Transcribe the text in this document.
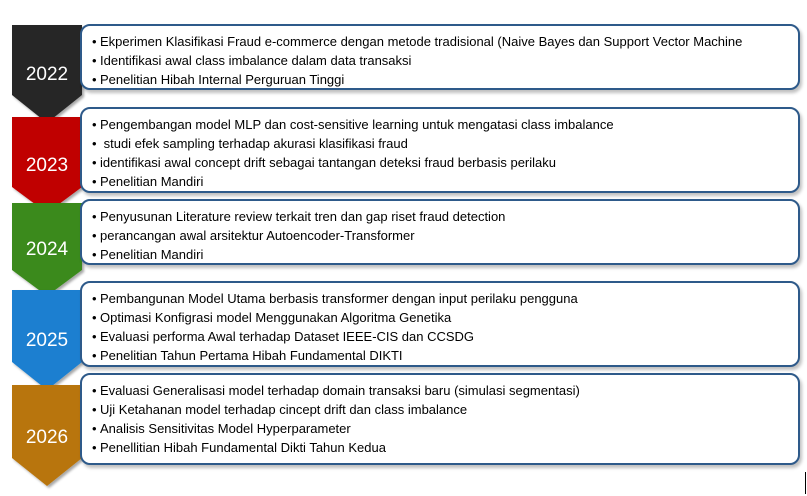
2022
2023
2024
2025
2026
• Ekperimen Klasifikasi Fraud e-commerce dengan metode tradisional (Naive Bayes dan Support Vector Machine
• Identifikasi awal class imbalance dalam data transaksi
• Penelitian Hibah Internal Perguruan Tinggi
• Pengembangan model MLP dan cost-sensitive learning untuk mengatasi class imbalance
• studi efek sampling terhadap akurasi klasifikasi fraud
• identifikasi awal concept drift sebagai tantangan deteksi fraud berbasis perilaku
• Penelitian Mandiri
• Penyusunan Literature review terkait tren dan gap riset fraud detection
• perancangan awal arsitektur Autoencoder-Transformer
• Penelitian Mandiri
• Pembangunan Model Utama berbasis transformer dengan input perilaku pengguna
• Optimasi Konfigrasi model Menggunakan Algoritma Genetika
• Evaluasi performa Awal terhadap Dataset IEEE-CIS dan CCSDG
• Penelitian Tahun Pertama Hibah Fundamental DIKTI
• Evaluasi Generalisasi model terhadap domain transaksi baru (simulasi segmentasi)
• Uji Ketahanan model terhadap cincept drift dan class imbalance
• Analisis Sensitivitas Model Hyperparameter
• Penellitian Hibah Fundamental Dikti Tahun Kedua
